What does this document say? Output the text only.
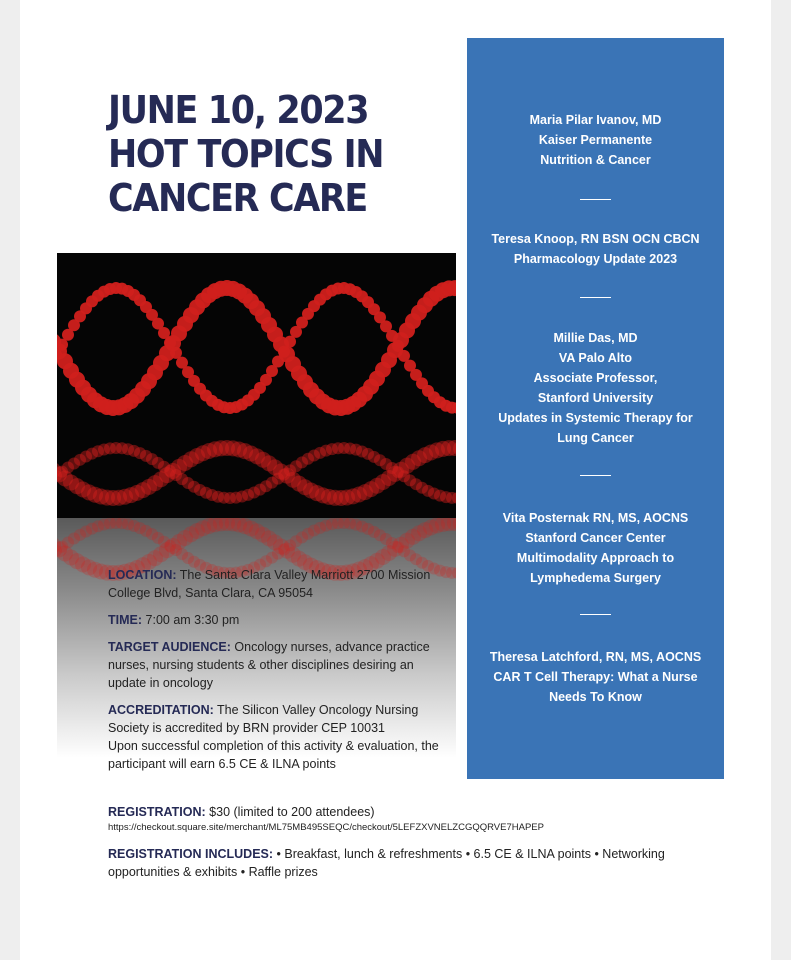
JUNE 10, 2023
HOT TOPICS IN
CANCER CARE

LOCATION: The Santa Clara Valley Marriott 2700 Mission College Blvd, Santa Clara, CA 95054

TIME: 7:00 am 3:30 pm

TARGET AUDIENCE: Oncology nurses, advance practice nurses, nursing students & other disciplines desiring an update in oncology

ACCREDITATION: The Silicon Valley Oncology Nursing Society is accredited by BRN provider CEP 10031
Upon successful completion of this activity & evaluation, the participant will earn 6.5 CE & ILNA points

REGISTRATION: $30 (limited to 200 attendees)

https://checkout.square.site/merchant/ML75MB495SEQC/checkout/5LEFZXVNELZCGQQRVE7HAPEP

REGISTRATION INCLUDES: • Breakfast, lunch & refreshments • 6.5 CE & ILNA points • Networking opportunities & exhibits • Raffle prizes

Maria Pilar Ivanov, MD
Kaiser Permanente
Nutrition & Cancer
Teresa Knoop, RN BSN OCN CBCN
Pharmacology Update 2023
Millie Das, MD
VA Palo Alto
Associate Professor,
Stanford University
Updates in Systemic Therapy for
Lung Cancer
Vita Posternak RN, MS, AOCNS
Stanford Cancer Center
Multimodality Approach to
Lymphedema Surgery
Theresa Latchford, RN, MS, AOCNS
CAR T Cell Therapy: What a Nurse
Needs To Know
